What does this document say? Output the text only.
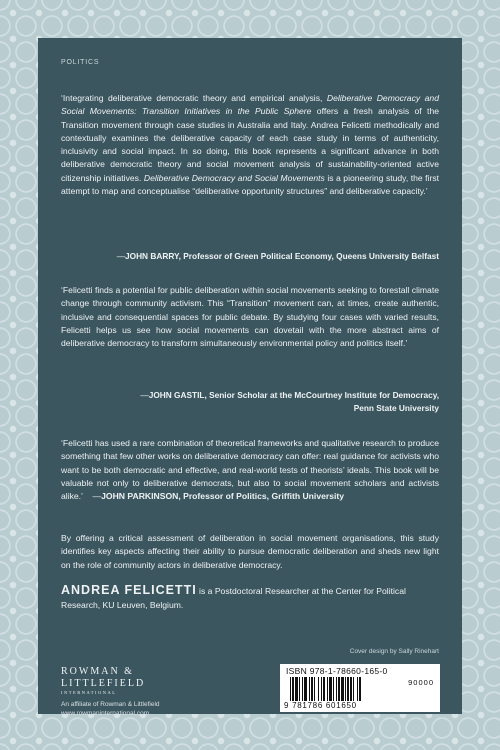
POLITICS

‘Integrating deliberative democratic theory and empirical analysis, Deliberative Democracy and Social Movements: Transition Initiatives in the Public Sphere offers a fresh analysis of the Transition movement through case studies in Australia and Italy. Andrea Felicetti methodically and contextually examines the deliberative capacity of each case study in terms of authenticity, inclusivity and social impact. In so doing, this book represents a significant advance in both deliberative democratic theory and social movement analysis of sustainability-oriented active citizenship initiatives. Deliberative Democracy and Social Movements is a pioneering study, the first attempt to map and conceptualise “deliberative opportunity structures” and deliberative capacity.’

—JOHN BARRY, Professor of Green Political Economy, Queens University Belfast

‘Felicetti finds a potential for public deliberation within social movements seeking to forestall climate change through community activism. This “Transition” movement can, at times, create authentic, inclusive and consequential spaces for public debate. By studying four cases with varied results, Felicetti helps us see how social movements can dovetail with the more abstract aims of deliberative democracy to transform simultaneously environmental policy and politics itself.’

—JOHN GASTIL, Senior Scholar at the McCourtney Institute for Democracy,
Penn State University

‘Felicetti has used a rare combination of theoretical frameworks and qualitative research to produce something that few other works on deliberative democracy can offer: real guidance for activists who want to be both democratic and effective, and real-world tests of theorists’ ideals. This book will be valuable not only to deliberative democrats, but also to social movement scholars and activists alike.’ —JOHN PARKINSON, Professor of Politics, Griffith University

By offering a critical assessment of deliberation in social movement organisations, this study identifies key aspects affecting their ability to pursue democratic deliberation and sheds new light on the role of community actors in deliberative democracy.

ANDREA FELICETTI is a Postdoctoral Researcher at the Center for Political Research, KU Leuven, Belgium.
Cover design by Sally Rinehart
ROWMAN &
LITTLEFIELD
INTERNATIONAL
An affiliate of Rowman & Littlefield
www.rowmaninternational.com
ISBN 978-1-78660-165-0
90000
9 781786 601650
